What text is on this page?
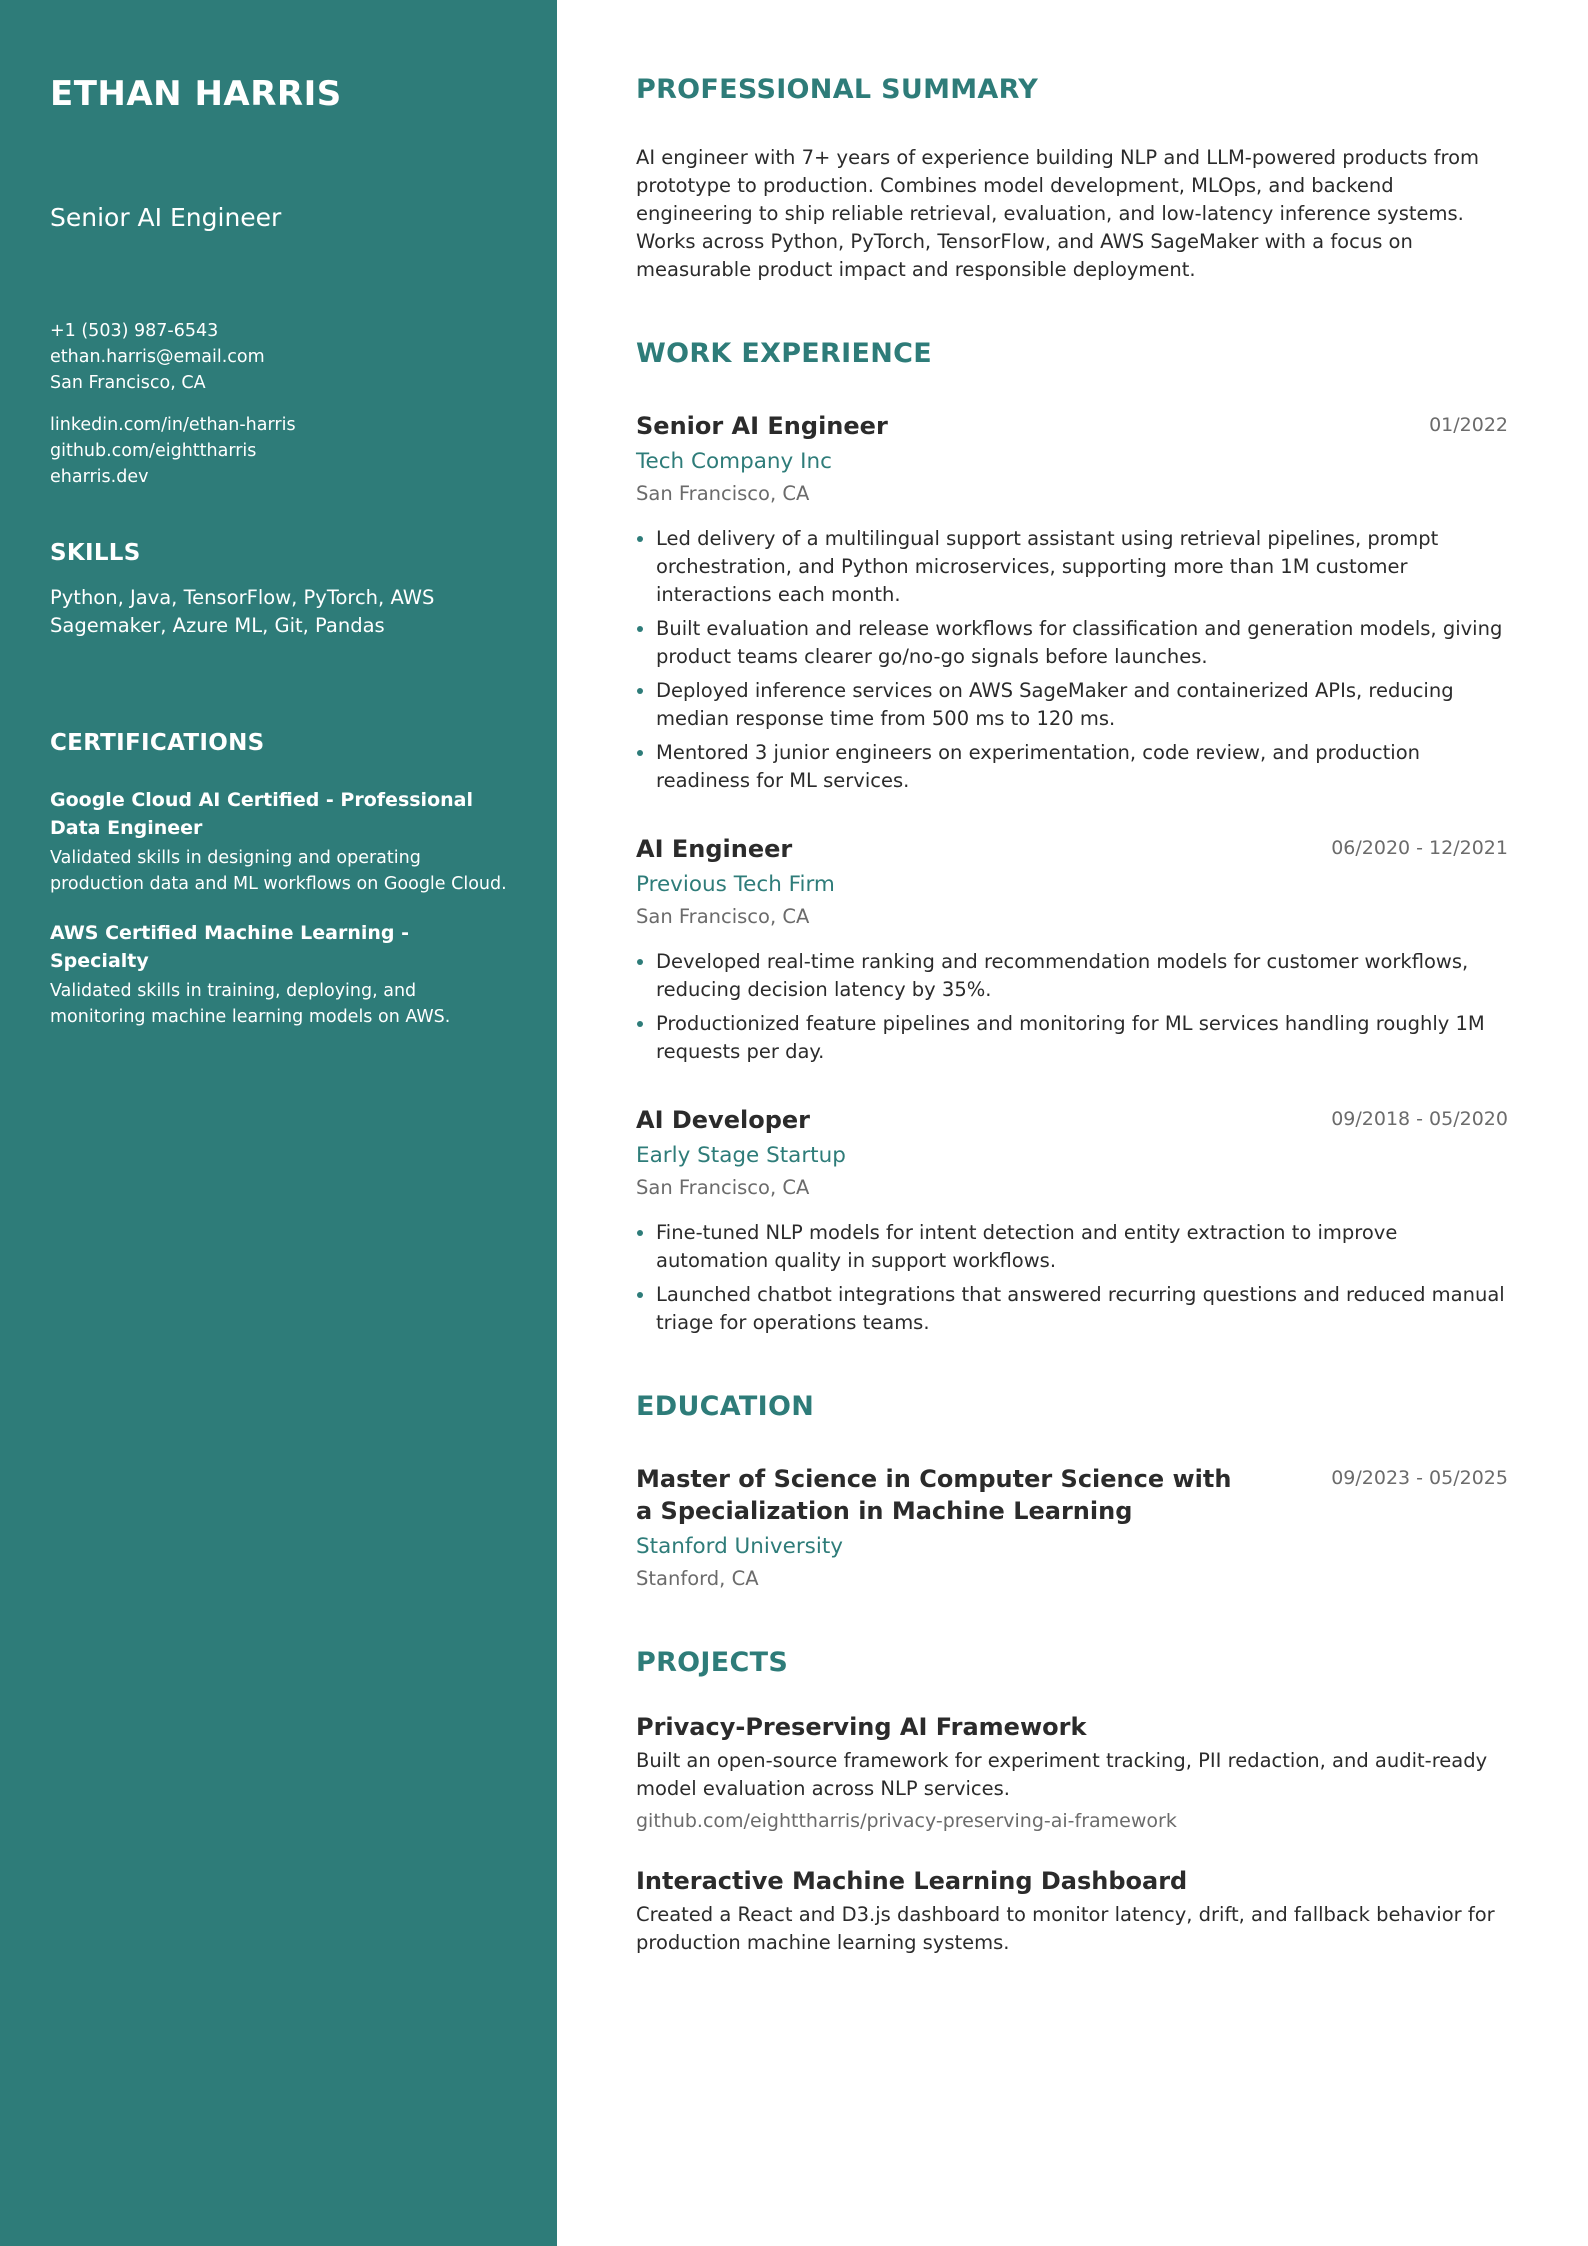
ETHAN HARRIS
Senior AI Engineer
+1 (503) 987-6543
ethan.harris@email.com
San Francisco, CA
linkedin.com/in/ethan-harris
github.com/eighttharris
eharris.dev
SKILLS
Python, Java, TensorFlow, PyTorch, AWS Sagemaker, Azure ML, Git, Pandas
CERTIFICATIONS
Google Cloud AI Certified - Professional Data Engineer
Validated skills in designing and operating production data and ML workflows on Google Cloud.
AWS Certified Machine Learning - Specialty
Validated skills in training, deploying, and monitoring machine learning models on AWS.
PROFESSIONAL SUMMARY
AI engineer with 7+ years of experience building NLP and LLM-powered products from prototype to production. Combines model development, MLOps, and backend engineering to ship reliable retrieval, evaluation, and low-latency inference systems. Works across Python, PyTorch, TensorFlow, and AWS SageMaker with a focus on measurable product impact and responsible deployment.
WORK EXPERIENCE
Senior AI Engineer	01/2022
Tech Company Inc
San Francisco, CA
Led delivery of a multilingual support assistant using retrieval pipelines, prompt orchestration, and Python microservices, supporting more than 1M customer interactions each month.
Built evaluation and release workflows for classification and generation models, giving product teams clearer go/no-go signals before launches.
Deployed inference services on AWS SageMaker and containerized APIs, reducing median response time from 500 ms to 120 ms.
Mentored 3 junior engineers on experimentation, code review, and production readiness for ML services.
AI Engineer	06/2020 - 12/2021
Previous Tech Firm
San Francisco, CA
Developed real-time ranking and recommendation models for customer workflows, reducing decision latency by 35%.
Productionized feature pipelines and monitoring for ML services handling roughly 1M requests per day.
AI Developer	09/2018 - 05/2020
Early Stage Startup
San Francisco, CA
Fine-tuned NLP models for intent detection and entity extraction to improve automation quality in support workflows.
Launched chatbot integrations that answered recurring questions and reduced manual triage for operations teams.
EDUCATION
Master of Science in Computer Science with a Specialization in Machine Learning
09/2023 - 05/2025
Stanford University
Stanford, CA
PROJECTS
Privacy-Preserving AI Framework
Built an open-source framework for experiment tracking, PII redaction, and audit-ready model evaluation across NLP services.
github.com/eighttharris/privacy-preserving-ai-framework
Interactive Machine Learning Dashboard
Created a React and D3.js dashboard to monitor latency, drift, and fallback behavior for production machine learning systems.
